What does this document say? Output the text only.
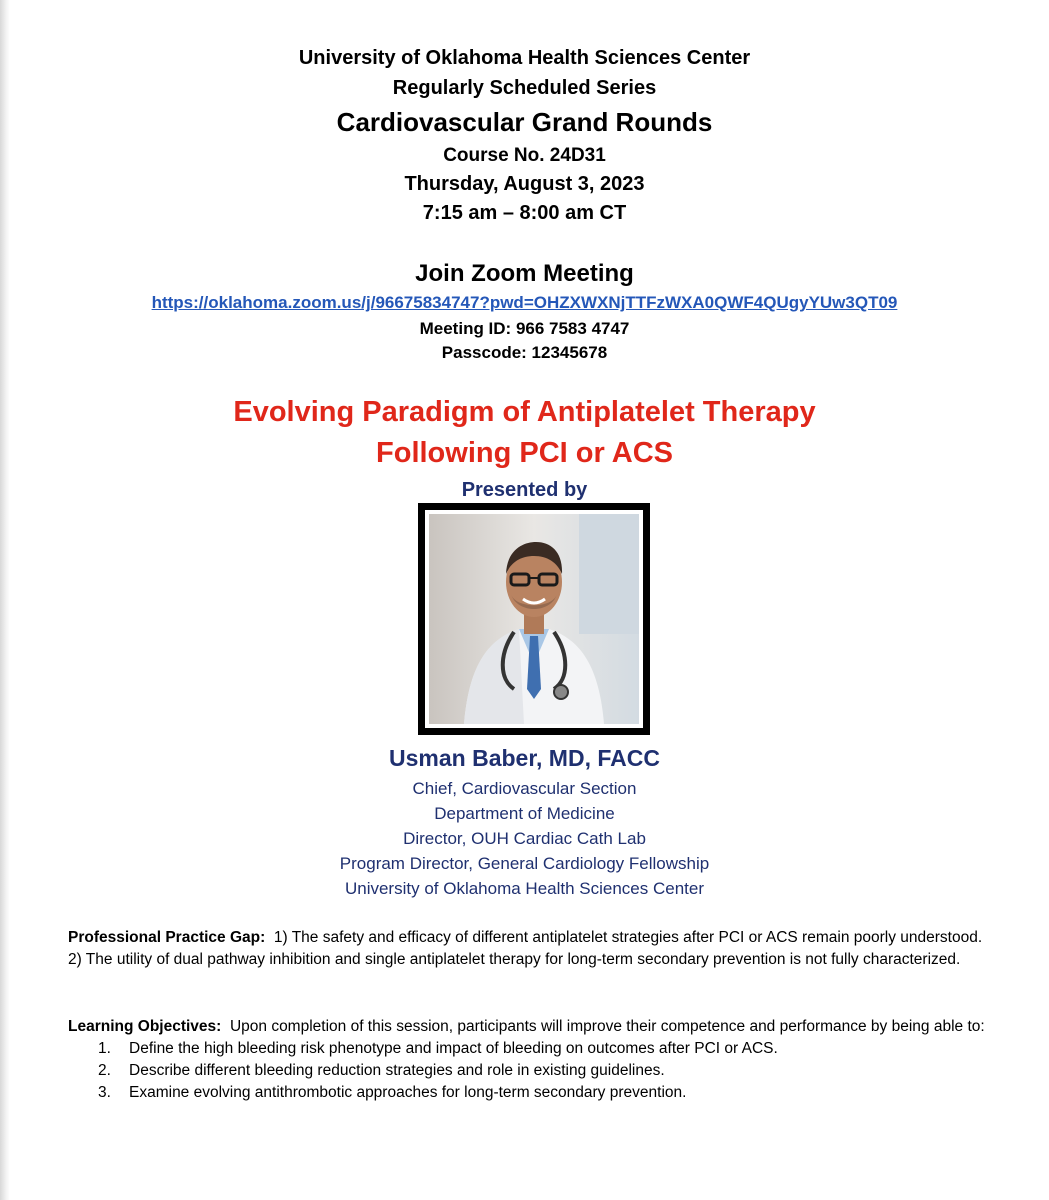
University of Oklahoma Health Sciences Center
Regularly Scheduled Series
Cardiovascular Grand Rounds
Course No. 24D31
Thursday, August 3, 2023
7:15 am – 8:00 am CT
Join Zoom Meeting
https://oklahoma.zoom.us/j/96675834747?pwd=OHZXWXNjTTFzWXA0QWF4QUgyYUw3QT09
Meeting ID: 966 7583 4747
Passcode: 12345678
Evolving Paradigm of Antiplatelet Therapy
Following PCI or ACS
Presented by
Usman Baber, MD, FACC
Chief, Cardiovascular Section
Department of Medicine
Director, OUH Cardiac Cath Lab
Program Director, General Cardiology Fellowship
University of Oklahoma Health Sciences Center
Professional Practice Gap: 1) The safety and efficacy of different antiplatelet strategies after PCI or ACS remain poorly understood. 2) The utility of dual pathway inhibition and single antiplatelet therapy for long-term secondary prevention is not fully characterized.
Learning Objectives: Upon completion of this session, participants will improve their competence and performance by being able to:
1. Define the high bleeding risk phenotype and impact of bleeding on outcomes after PCI or ACS.
2. Describe different bleeding reduction strategies and role in existing guidelines.
3. Examine evolving antithrombotic approaches for long-term secondary prevention.
